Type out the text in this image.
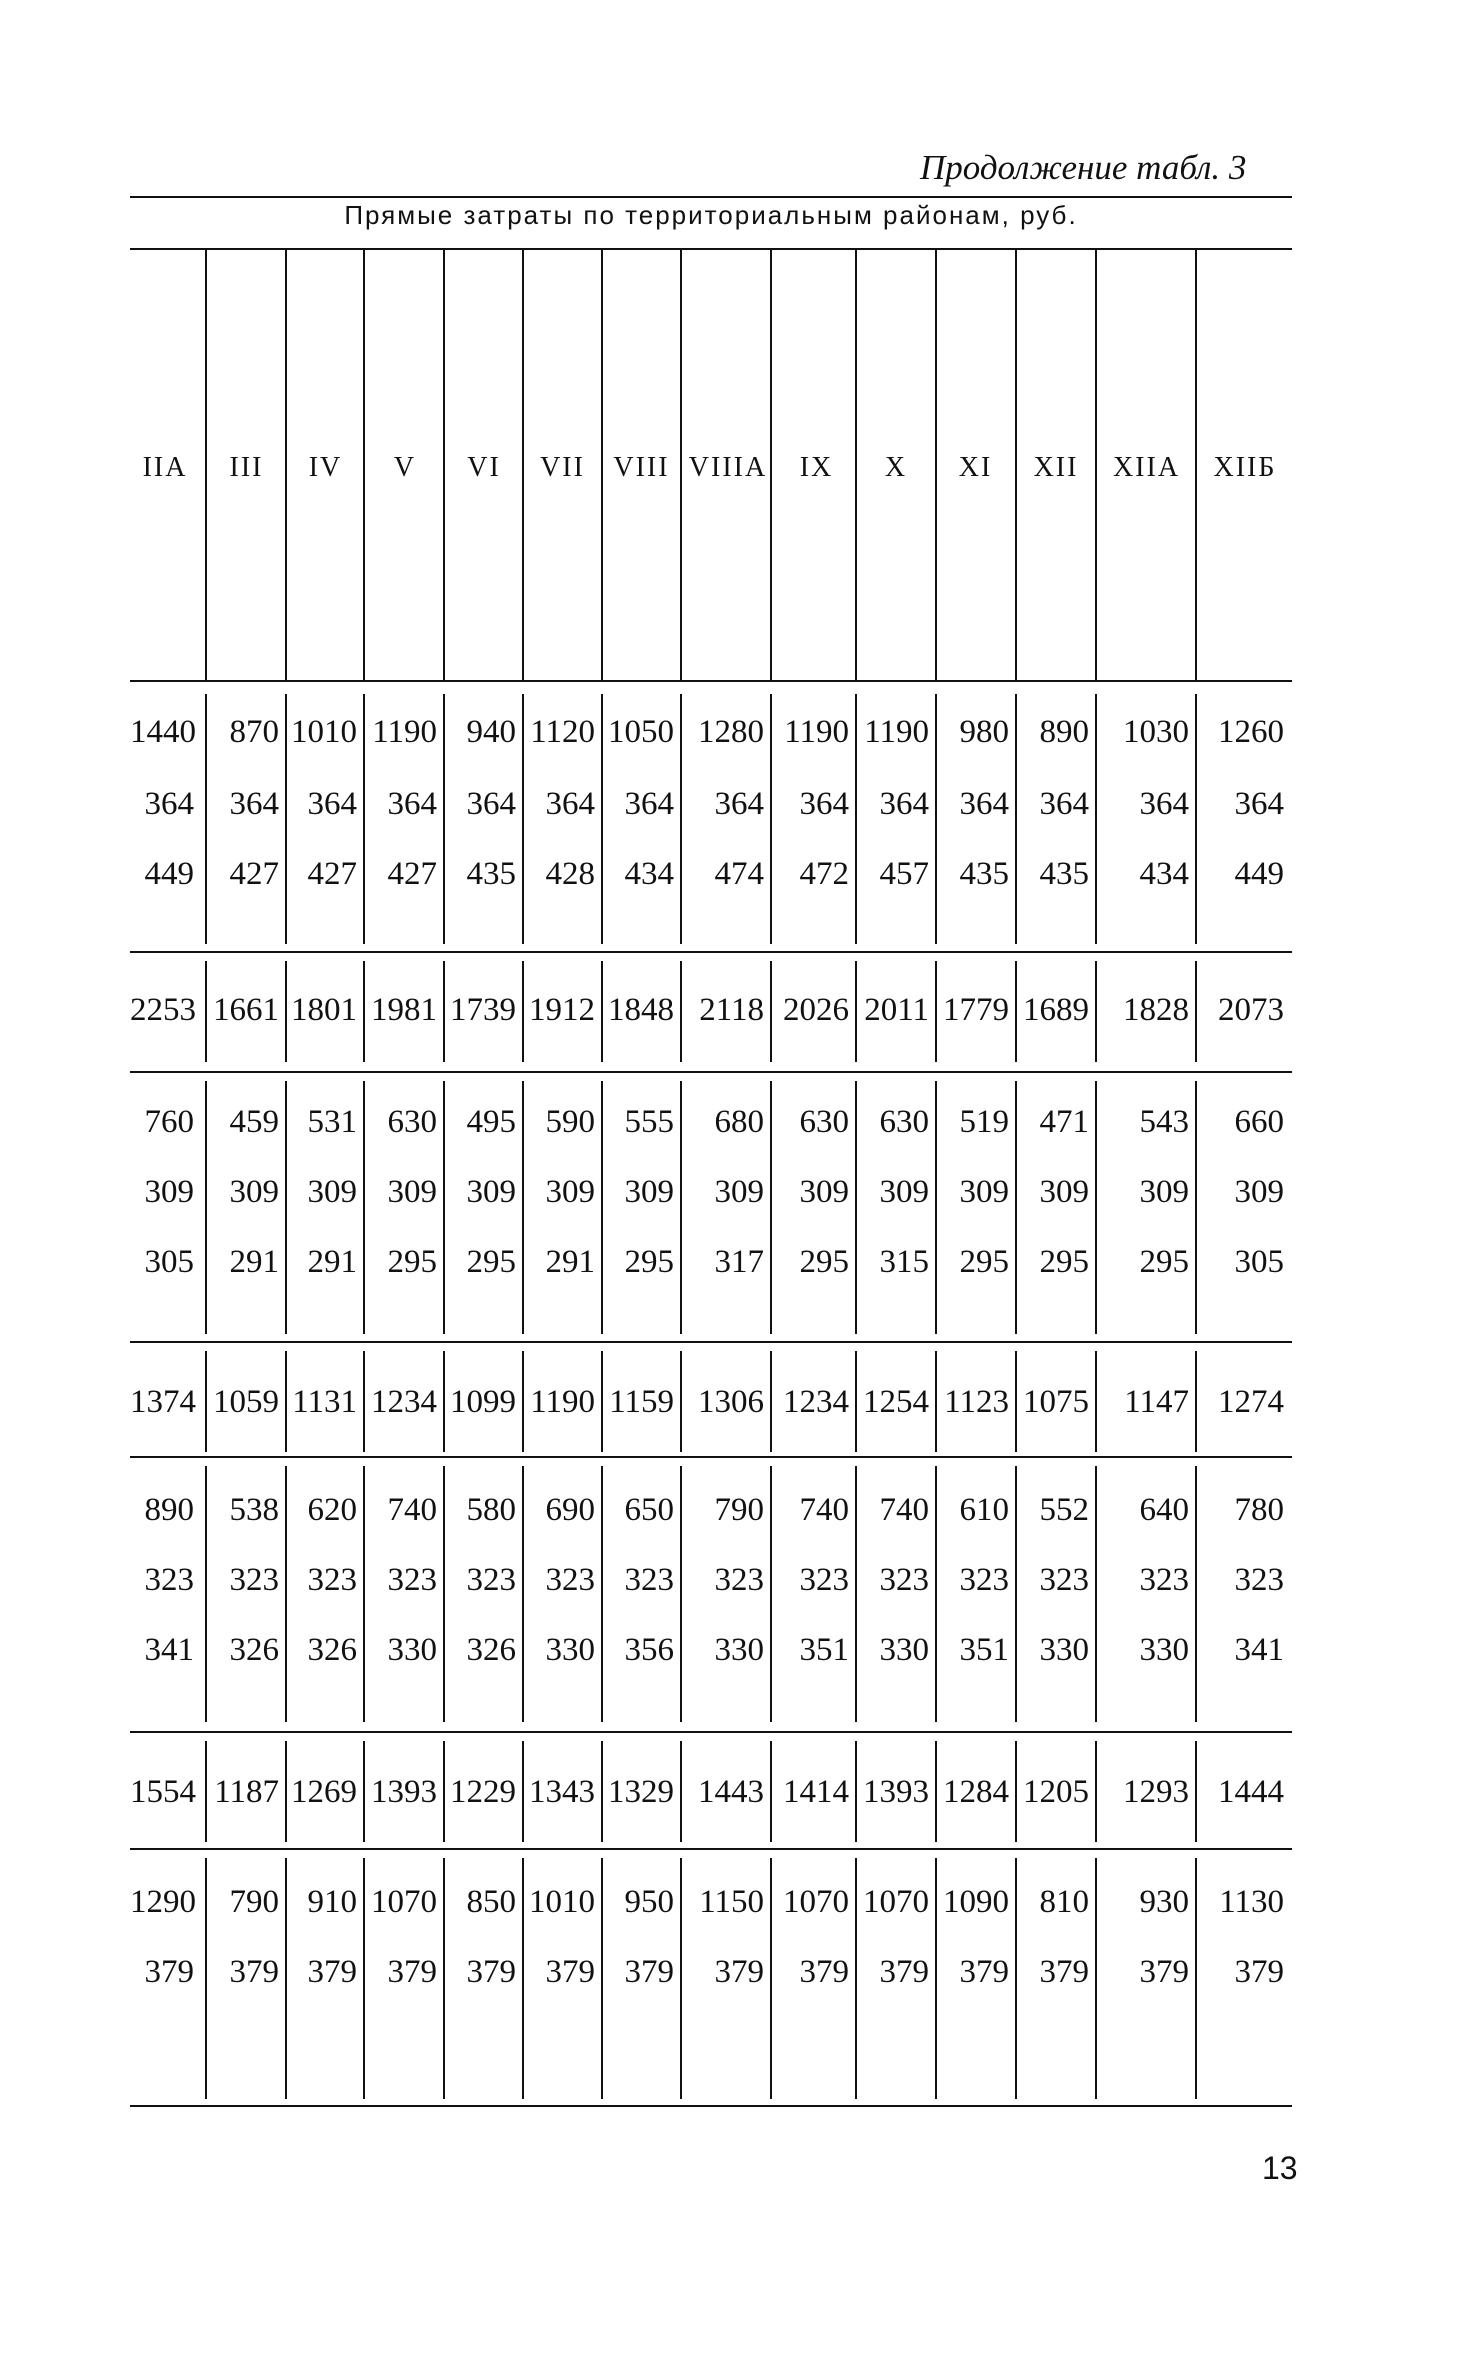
Продолжение табл. 3
Прямые затраты по территориальным районам, руб.
IIA	III	IV	V	VI	VII	VIII VIIIA	IX	X	XI	XII	XIIA	XIIБ
1440	870 1010 1190 940 1120 1050 1280 1190 1190 980 890	1030 1260
364	364 364 364 364 364 364	364	364 364 364 364	364	364
449	427 427 427 435 428 434	474	472 457 435 435	434	449
2253 1661 1801 1981 1739 1912 1848 2118 2026 2011 1779 1689	1828 2073
760	459 531 630 495 590 555	680	630 630 519 471	543	660
309	309 309 309 309 309 309	309	309 309 309 309	309	309
305	291 291 295 295 291 295	317	295 315 295 295	295	305
1374 1059 1131 1234 1099 1190 1159 1306 1234 1254 1123 1075	1147 1274
890	538 620 740 580 690 650	790	740 740 610 552	640	780
323	323 323 323 323 323 323	323	323 323 323 323	323	323
341	326 326 330 326 330 356	330	351 330 351 330	330	341
1554 1187 1269 1393 1229 1343 1329 1443 1414 1393 1284 1205	1293 1444
1290	790 910 1070 850 1010 950 1150 1070 1070 1090 810	930 1130
379	379 379 379 379 379 379	379	379 379 379 379	379	379
13
